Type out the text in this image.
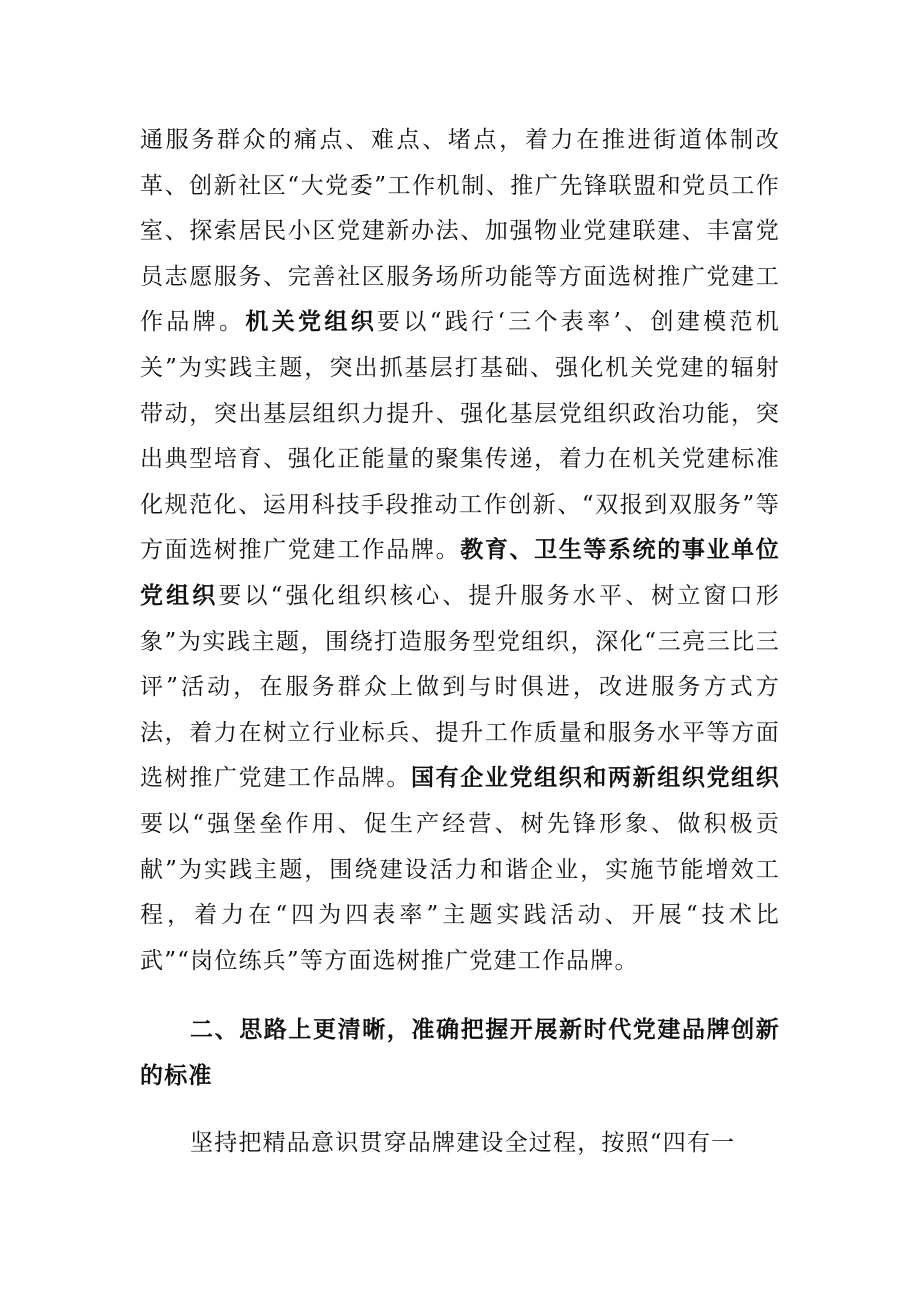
通服务群众的痛点、难点、堵点，着力在推进街道体制改革、创新社区“大党委”工作机制、推广先锋联盟和党员工作室、探索居民小区党建新办法、加强物业党建联建、丰富党员志愿服务、完善社区服务场所功能等方面选树推广党建工作品牌。机关党组织要以“践行‘三个表率’、创建模范机关”为实践主题，突出抓基层打基础、强化机关党建的辐射带动，突出基层组织力提升、强化基层党组织政治功能，突出典型培育、强化正能量的聚集传递，着力在机关党建标准化规范化、运用科技手段推动工作创新、“双报到双服务”等方面选树推广党建工作品牌。教育、卫生等系统的事业单位党组织要以“强化组织核心、提升服务水平、树立窗口形象”为实践主题，围绕打造服务型党组织，深化“三亮三比三评”活动，在服务群众上做到与时俱进，改进服务方式方法，着力在树立行业标兵、提升工作质量和服务水平等方面选树推广党建工作品牌。国有企业党组织和两新组织党组织要以“强堡垒作用、促生产经营、树先锋形象、做积极贡献”为实践主题，围绕建设活力和谐企业，实施节能增效工程，着力在“四为四表率”主题实践活动、开展“技术比武”“岗位练兵”等方面选树推广党建工作品牌。

二、思路上更清晰，准确把握开展新时代党建品牌创新的标准

坚持把精品意识贯穿品牌建设全过程，按照“四有一
